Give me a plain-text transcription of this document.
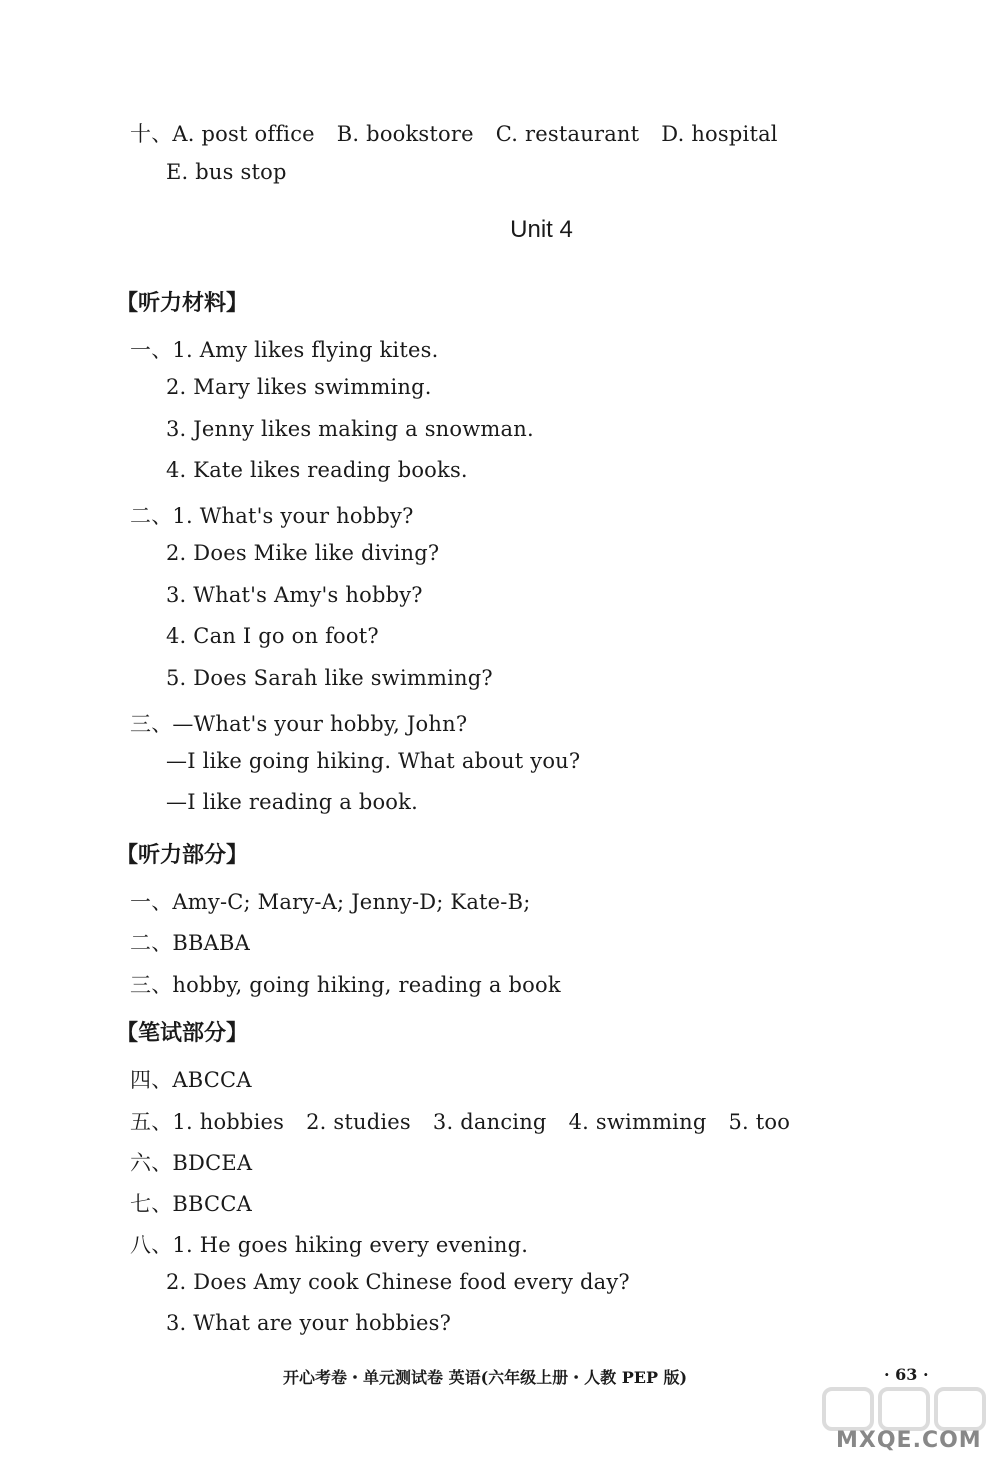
十、A. post office B. bookstore C. restaurant D. hospital
E. bus stop
Unit 4
【听力材料】
一、1. Amy likes flying kites.
2. Mary likes swimming.
3. Jenny likes making a snowman.
4. Kate likes reading books.
二、1. What's your hobby?
2. Does Mike like diving?
3. What's Amy's hobby?
4. Can I go on foot?
5. Does Sarah like swimming?
三、—What's your hobby, John?
—I like going hiking. What about you?
—I like reading a book.
【听力部分】
一、Amy-C; Mary-A; Jenny-D; Kate-B;
二、BBABA
三、hobby, going hiking, reading a book
【笔试部分】
四、ABCCA
五、1. hobbies 2. studies 3. dancing 4. swimming 5. too
六、BDCEA
七、BBCCA
八、1. He goes hiking every evening.
2. Does Amy cook Chinese food every day?
3. What are your hobbies?
开心考卷・单元测试卷 英语(六年级上册・人教 PEP 版)	· 63 ·
MXQE.COM
